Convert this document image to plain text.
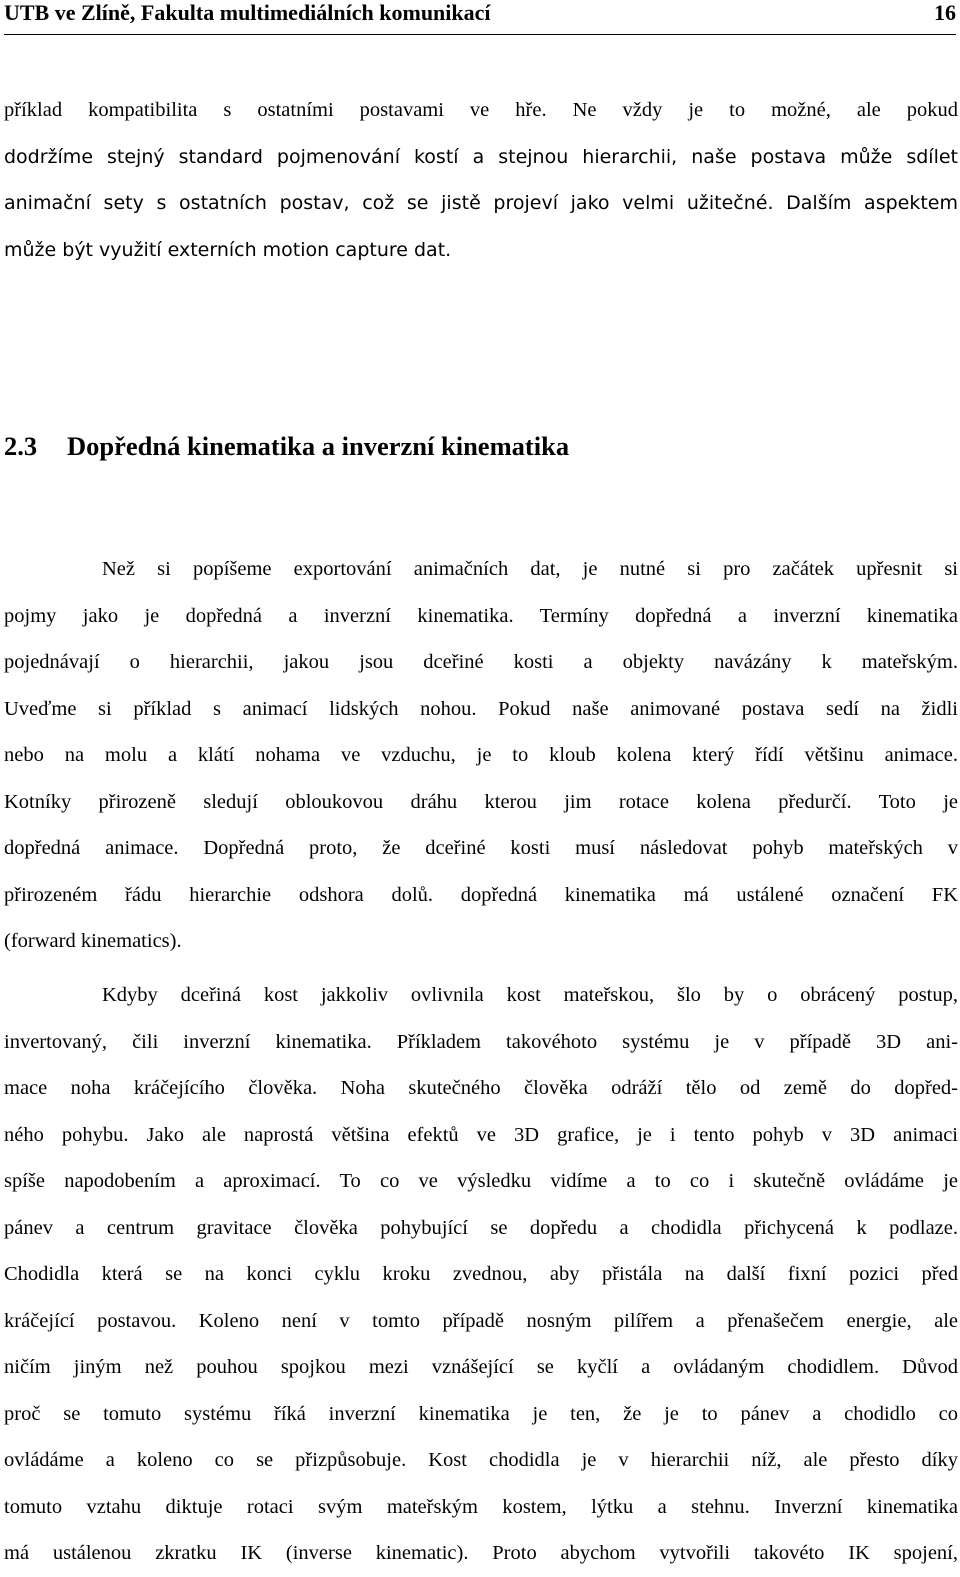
UTB ve Zlíně, Fakulta multimediálních komunikací	16

příklad kompatibilita s ostatními postavami ve hře. Ne vždy je to možné, ale pokud
dodržíme stejný standard pojmenování kostí a stejnou hierarchii, naše postava může sdílet
animační sety s ostatních postav, což se jistě projeví jako velmi užitečné. Dalším aspektem
může být využití externích motion capture dat.

2.3 Dopředná kinematika a inverzní kinematika

Než si popíšeme exportování animačních dat, je nutné si pro začátek upřesnit si
pojmy jako je dopředná a inverzní kinematika. Termíny dopředná a inverzní kinematika
pojednávají o hierarchii, jakou jsou dceřiné kosti a objekty navázány k mateřským.
Uveďme si příklad s animací lidských nohou. Pokud naše animované postava sedí na židli
nebo na molu a klátí nohama ve vzduchu, je to kloub kolena který řídí většinu animace.
Kotníky přirozeně sledují obloukovou dráhu kterou jim rotace kolena předurčí. Toto je
dopředná animace. Dopředná proto, že dceřiné kosti musí následovat pohyb mateřských v
přirozeném řádu hierarchie odshora dolů. dopředná kinematika má ustálené označení FK
(forward kinematics).

Kdyby dceřiná kost jakkoliv ovlivnila kost mateřskou, šlo by o obrácený postup,
invertovaný, čili inverzní kinematika. Příkladem takovéhoto systému je v případě 3D ani-
mace noha kráčejícího člověka. Noha skutečného člověka odráží tělo od země do dopřed-
ného pohybu. Jako ale naprostá většina efektů ve 3D grafice, je i tento pohyb v 3D animaci
spíše napodobením a aproximací. To co ve výsledku vidíme a to co i skutečně ovládáme je
pánev a centrum gravitace člověka pohybující se dopředu a chodidla přichycená k podlaze.
Chodidla která se na konci cyklu kroku zvednou, aby přistála na další fixní pozici před
kráčející postavou. Koleno není v tomto případě nosným pilířem a přenašečem energie, ale
ničím jiným než pouhou spojkou mezi vznášející se kyčlí a ovládaným chodidlem. Důvod
proč se tomuto systému říká inverzní kinematika je ten, že je to pánev a chodidlo co
ovládáme a koleno co se přizpůsobuje. Kost chodidla je v hierarchii níž, ale přesto díky
tomuto vztahu diktuje rotaci svým mateřským kostem, lýtku a stehnu. Inverzní kinematika
má ustálenou zkratku IK (inverse kinematic). Proto abychom vytvořili takovéto IK spojení,
